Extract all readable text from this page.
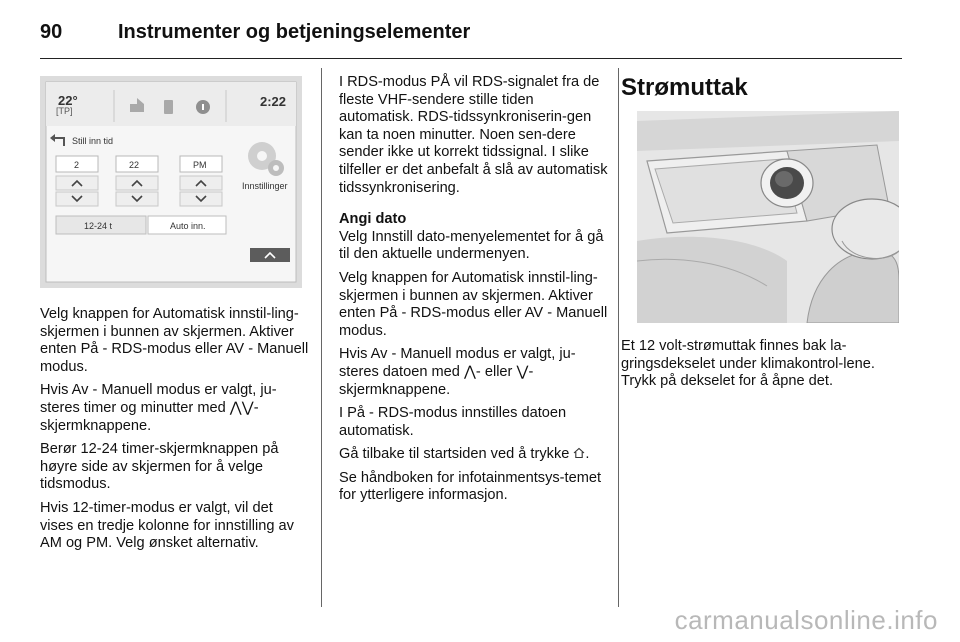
90	Instrumenter og betjeningselementer
[TP]
22°	2:22
Still inn tid
2	22	PM
Innstillinger
12-24 t	Auto inn.

Velg knappen for Automatisk innstil-ling-skjermen i bunnen av skjermen. Aktiver enten På - RDS-modus eller AV - Manuell modus.

Hvis Av - Manuell modus er valgt, ju-steres timer og minutter med ⋀⋁-skjermknappene.

Berør 12-24 timer-skjermknappen på høyre side av skjermen for å velge tidsmodus.

Hvis 12-timer-modus er valgt, vil det vises en tredje kolonne for innstilling av AM og PM. Velg ønsket alternativ.

I RDS-modus PÅ vil RDS-signalet fra de fleste VHF-sendere stille tiden automatisk. RDS-tidssynkroniserin-gen kan ta noen minutter. Noen sen-dere sender ikke ut korrekt tidssignal. I slike tilfeller er det anbefalt å slå av automatisk tidssynkronisering.

Angi dato

Velg Innstill dato-menyelementet for å gå til den aktuelle undermenyen.

Velg knappen for Automatisk innstil-ling-skjermen i bunnen av skjermen. Aktiver enten På - RDS-modus eller AV - Manuell modus.

Hvis Av - Manuell modus er valgt, ju-steres datoen med ⋀- eller ⋁-skjermknappene.

I På - RDS-modus innstilles datoen automatisk.

Gå tilbake til startsiden ved å trykke .

Se håndboken for infotainmentsys-temet for ytterligere informasjon.

Strømuttak

Et 12 volt-strømuttak finnes bak la-gringsdekselet under klimakontrol-lene. Trykk på dekselet for å åpne det.

carmanualsonline.info
